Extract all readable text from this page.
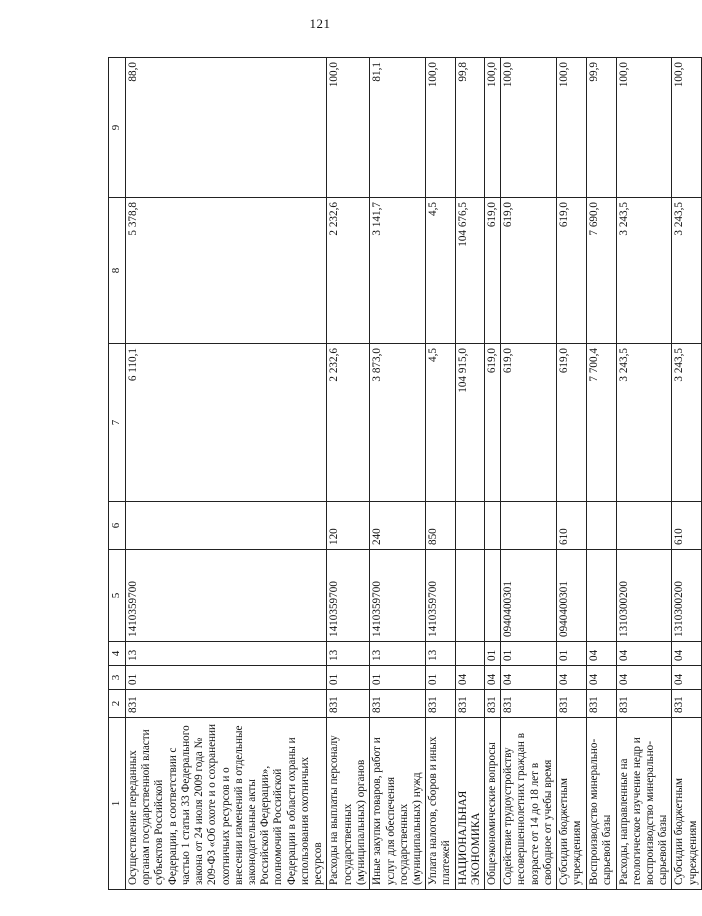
121
1	2	3	4	5	6	7	8	9
Осуществление переданных органам государственной власти субъектов Российской Федерации, в соответствии с частью 1 статьи 33 Федерального закона от 24 июля 2009 года № 209-ФЗ «Об охоте и о сохранении охотничьих ресурсов и о внесении изменений в отдельные законодательные акты Российской Федерации», полномочий Российской Федерации в области охраны и использования охотничьих ресурсов	831	01	13	1410359700		6 110,1	5 378,8	88,0
Расходы на выплаты персоналу государственных (муниципальных) органов	831	01	13	1410359700	120	2 232,6	2 232,6	100,0
Иные закупки товаров, работ и услуг для обеспечения государственных (муниципальных) нужд	831	01	13	1410359700	240	3 873,0	3 141,7	81,1
Уплата налогов, сборов и иных платежей	831	01	13	1410359700	850	4,5	4,5	100,0
НАЦИОНАЛЬНАЯ ЭКОНОМИКА	831	04				104 915,0	104 676,5	99,8
Общеэкономические вопросы	831	04	01			619,0	619,0	100,0
Содействие трудоустройству несовершеннолетних граждан в возрасте от 14 до 18 лет в свободное от учебы время	831	04	01	0940400301		619,0	619,0	100,0
Субсидии бюджетным учреждениям	831	04	01	0940400301	610	619,0	619,0	100,0
Воспроизводство минерально-сырьевой базы	831	04	04			7 700,4	7 690,0	99,9
Расходы, направленные на геологическое изучение недр и воспроизводство минерально-сырьевой базы	831	04	04	1310300200		3 243,5	3 243,5	100,0
Субсидии бюджетным учреждениям	831	04	04	1310300200	610	3 243,5	3 243,5	100,0
